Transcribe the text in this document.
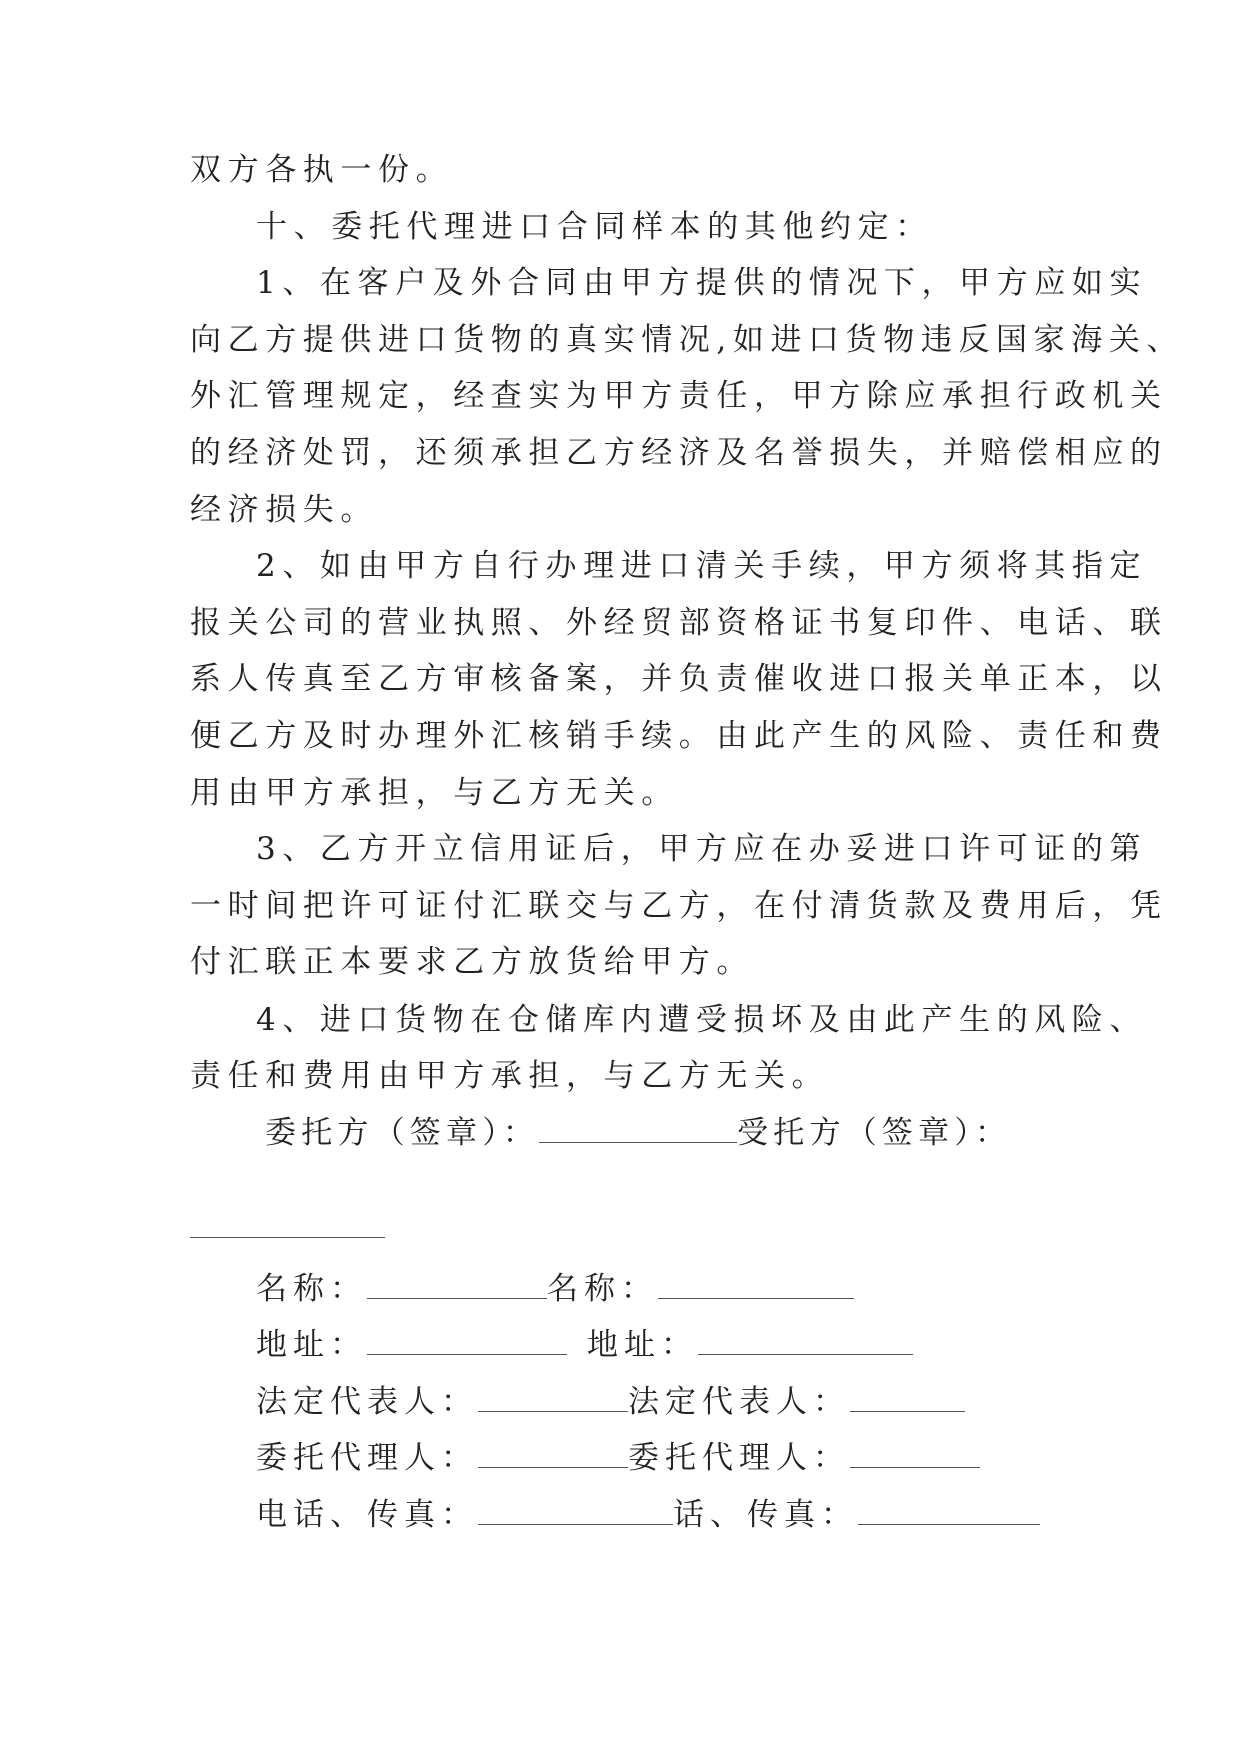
双方各执一份。
十、委托代理进口合同样本的其他约定：
1、在客户及外合同由甲方提供的情况下，甲方应如实
向乙方提供进口货物的真实情况,如进口货物违反国家海关、
外汇管理规定，经查实为甲方责任，甲方除应承担行政机关
的经济处罚，还须承担乙方经济及名誉损失，并赔偿相应的
经济损失。
2、如由甲方自行办理进口清关手续，甲方须将其指定
报关公司的营业执照、外经贸部资格证书复印件、电话、联
系人传真至乙方审核备案，并负责催收进口报关单正本，以
便乙方及时办理外汇核销手续。由此产生的风险、责任和费
用由甲方承担，与乙方无关。
3、乙方开立信用证后，甲方应在办妥进口许可证的第
一时间把许可证付汇联交与乙方，在付清货款及费用后，凭
付汇联正本要求乙方放货给甲方。
4、进口货物在仓储库内遭受损坏及由此产生的风险、
责任和费用由甲方承担，与乙方无关。
委托方（签章）：	受托方（签章）：
名称：	名称：
地址：	地址：
法定代表人：	法定代表人：
委托代理人：	委托代理人：
电话、传真：	话、传真：
